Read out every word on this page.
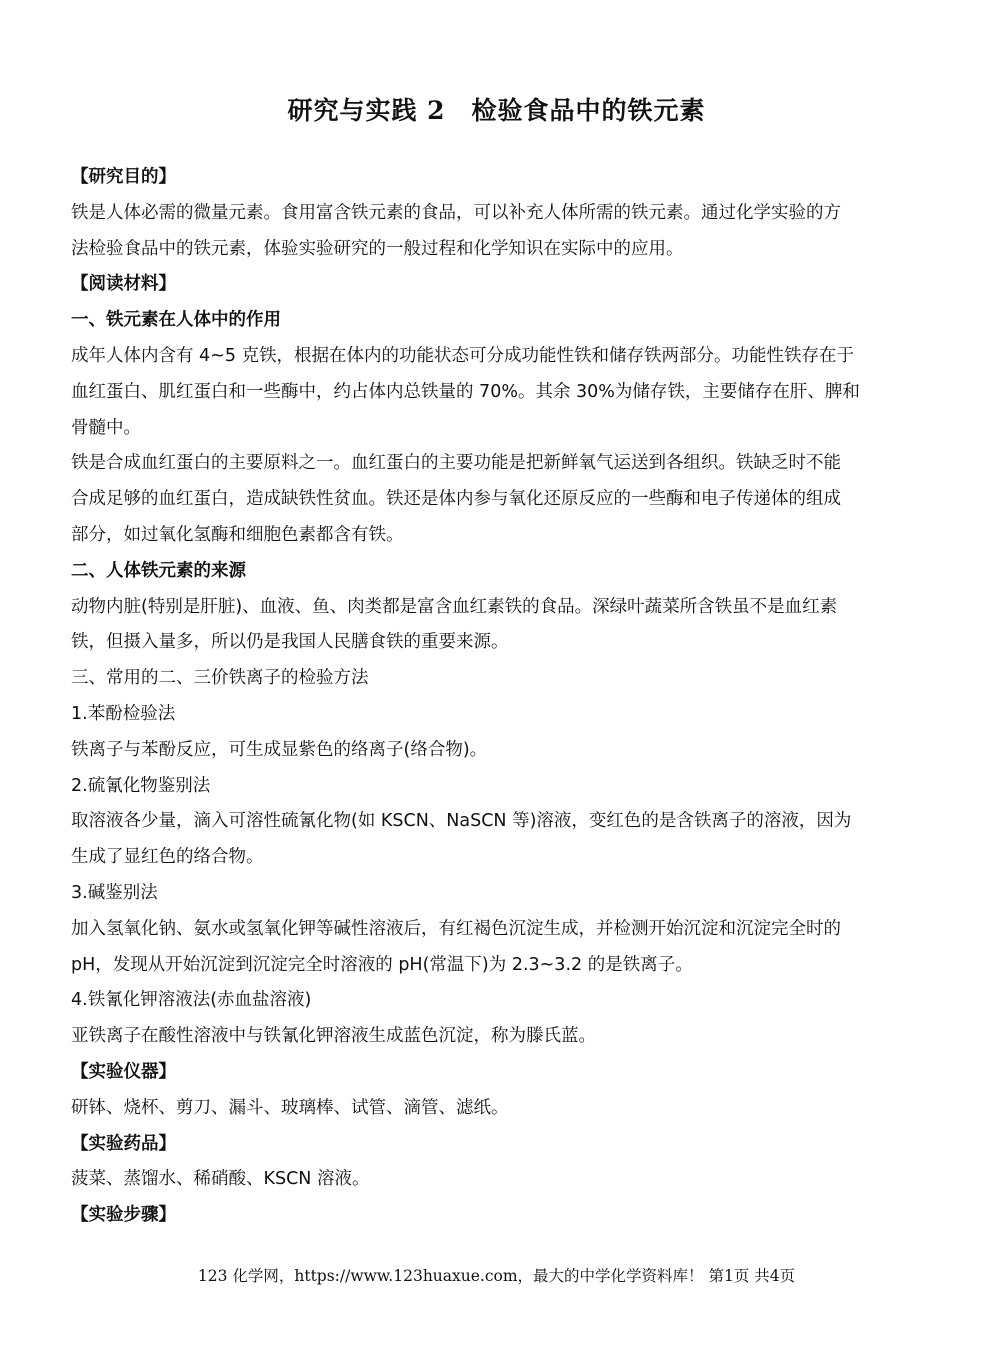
研究与实践 2　检验食品中的铁元素
【研究目的】
铁是人体必需的微量元素。食用富含铁元素的食品，可以补充人体所需的铁元素。通过化学实验的方
法检验食品中的铁元素，体验实验研究的一般过程和化学知识在实际中的应用。
【阅读材料】
一、铁元素在人体中的作用
成年人体内含有 4~5 克铁，根据在体内的功能状态可分成功能性铁和储存铁两部分。功能性铁存在于
血红蛋白、肌红蛋白和一些酶中，约占体内总铁量的 70%。其余 30%为储存铁，主要储存在肝、脾和
骨髓中。
铁是合成血红蛋白的主要原料之一。血红蛋白的主要功能是把新鲜氧气运送到各组织。铁缺乏时不能
合成足够的血红蛋白，造成缺铁性贫血。铁还是体内参与氧化还原反应的一些酶和电子传递体的组成
部分，如过氧化氢酶和细胞色素都含有铁。
二、人体铁元素的来源
动物内脏(特别是肝脏)、血液、鱼、肉类都是富含血红素铁的食品。深绿叶蔬菜所含铁虽不是血红素
铁，但摄入量多，所以仍是我国人民膳食铁的重要来源。
三、常用的二、三价铁离子的检验方法
1.苯酚检验法
铁离子与苯酚反应，可生成显紫色的络离子(络合物)。
2.硫氰化物鉴别法
取溶液各少量，滴入可溶性硫氰化物(如 KSCN、NaSCN 等)溶液，变红色的是含铁离子的溶液，因为
生成了显红色的络合物。
3.碱鉴别法
加入氢氧化钠、氨水或氢氧化钾等碱性溶液后，有红褐色沉淀生成，并检测开始沉淀和沉淀完全时的
pH，发现从开始沉淀到沉淀完全时溶液的 pH(常温下)为 2.3~3.2 的是铁离子。
4.铁氰化钾溶液法(赤血盐溶液)
亚铁离子在酸性溶液中与铁氰化钾溶液生成蓝色沉淀，称为滕氏蓝。
【实验仪器】
研钵、烧杯、剪刀、漏斗、玻璃棒、试管、滴管、滤纸。
【实验药品】
菠菜、蒸馏水、稀硝酸、KSCN 溶液。
【实验步骤】
123 化学网，https://www.123huaxue.com，最大的中学化学资料库！ 第1页 共4页
